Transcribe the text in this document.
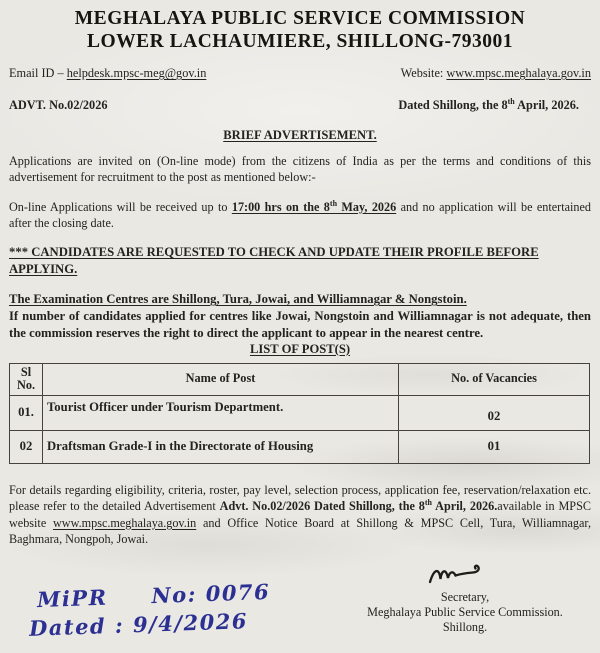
MEGHALAYA PUBLIC SERVICE COMMISSION
LOWER LACHAUMIERE, SHILLONG-793001
Email ID – helpdesk.mpsc-meg@gov.in	Website: www.mpsc.meghalaya.gov.in
ADVT. No.02/2026	Dated Shillong, the 8th April, 2026.
BRIEF ADVERTISEMENT.
Applications are invited on (On-line mode) from the citizens of India as per the terms and conditions of this advertisement for recruitment to the post as mentioned below:-
On-line Applications will be received up to 17:00 hrs on the 8th May, 2026 and no application will be entertained after the closing date.
*** CANDIDATES ARE REQUESTED TO CHECK AND UPDATE THEIR PROFILE BEFORE APPLYING.
The Examination Centres are Shillong, Tura, Jowai, and Williamnagar & Nongstoin.
If number of candidates applied for centres like Jowai, Nongstoin and Williamnagar is not adequate, then the commission reserves the right to direct the applicant to appear in the nearest centre.
LIST OF POST(S)
Sl No.	Name of Post	No. of Vacancies
01.	Tourist Officer under Tourism Department.	02
02	Draftsman Grade-I in the Directorate of Housing	01
For details regarding eligibility, criteria, roster, pay level, selection process, application fee, reservation/relaxation etc. please refer to the detailed Advertisement Advt. No.02/2026 Dated Shillong, the 8th April, 2026.available in MPSC website www.mpsc.meghalaya.gov.in and Office Notice Board at Shillong & MPSC Cell, Tura, Williamnagar, Baghmara, Nongpoh, Jowai.
Secretary,
Meghalaya Public Service Commission.
Shillong.
MiPR No: 0076
Dated : 9/4/2026
